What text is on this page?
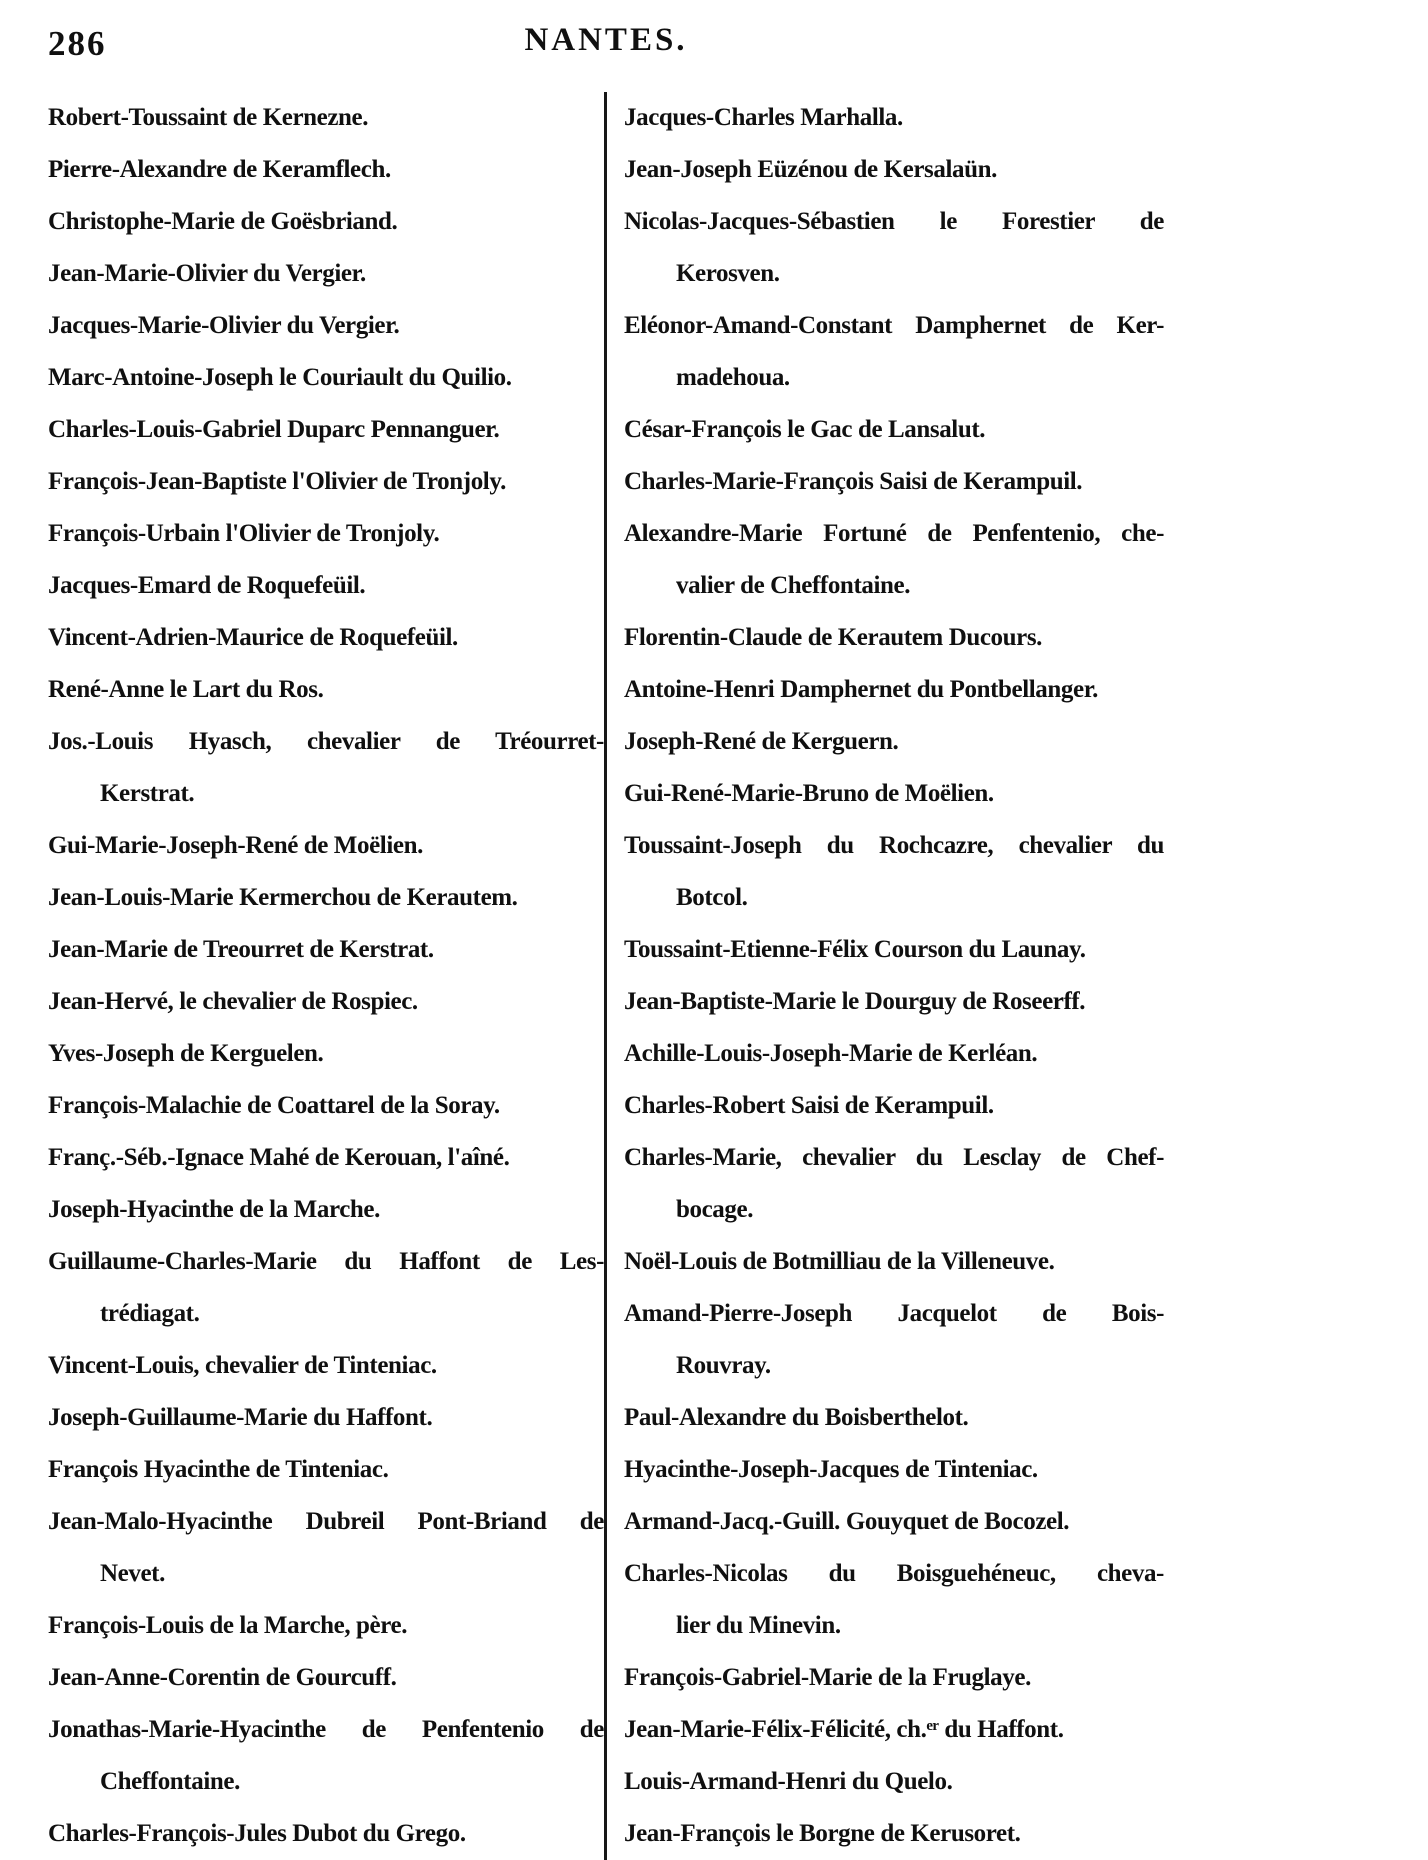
286	NANTES.
Robert-Toussaint de Kernezne.
Pierre-Alexandre de Keramflech.
Christophe-Marie de Goësbriand.
Jean-Marie-Olivier du Vergier.
Jacques-Marie-Olivier du Vergier.
Marc-Antoine-Joseph le Couriault du Quilio.
Charles-Louis-Gabriel Duparc Pennanguer.
François-Jean-Baptiste l'Olivier de Tronjoly.
François-Urbain l'Olivier de Tronjoly.
Jacques-Emard de Roquefeüil.
Vincent-Adrien-Maurice de Roquefeüil.
René-Anne le Lart du Ros.
Jos.-Louis Hyasch, chevalier de Tréourret-
Kerstrat.
Gui-Marie-Joseph-René de Moëlien.
Jean-Louis-Marie Kermerchou de Kerautem.
Jean-Marie de Treourret de Kerstrat.
Jean-Hervé, le chevalier de Rospiec.
Yves-Joseph de Kerguelen.
François-Malachie de Coattarel de la Soray.
Franç.-Séb.-Ignace Mahé de Kerouan, l'aîné.
Joseph-Hyacinthe de la Marche.
Guillaume-Charles-Marie du Haffont de Les-
trédiagat.
Vincent-Louis, chevalier de Tinteniac.
Joseph-Guillaume-Marie du Haffont.
François Hyacinthe de Tinteniac.
Jean-Malo-Hyacinthe Dubreil Pont-Briand de
Nevet.
François-Louis de la Marche, père.
Jean-Anne-Corentin de Gourcuff.
Jonathas-Marie-Hyacinthe de Penfentenio de
Cheffontaine.
Charles-François-Jules Dubot du Grego.
Jacques-Charles Marhalla.
Jean-Joseph Eüzénou de Kersalaün.
Nicolas-Jacques-Sébastien le Forestier de
Kerosven.
Eléonor-Amand-Constant Damphernet de Ker-
madehoua.
César-François le Gac de Lansalut.
Charles-Marie-François Saisi de Kerampuil.
Alexandre-Marie Fortuné de Penfentenio, che-
valier de Cheffontaine.
Florentin-Claude de Kerautem Ducours.
Antoine-Henri Damphernet du Pontbellanger.
Joseph-René de Kerguern.
Gui-René-Marie-Bruno de Moëlien.
Toussaint-Joseph du Rochcazre, chevalier du
Botcol.
Toussaint-Etienne-Félix Courson du Launay.
Jean-Baptiste-Marie le Dourguy de Roseerff.
Achille-Louis-Joseph-Marie de Kerléan.
Charles-Robert Saisi de Kerampuil.
Charles-Marie, chevalier du Lesclay de Chef-
bocage.
Noël-Louis de Botmilliau de la Villeneuve.
Amand-Pierre-Joseph Jacquelot de Bois-
Rouvray.
Paul-Alexandre du Boisberthelot.
Hyacinthe-Joseph-Jacques de Tinteniac.
Armand-Jacq.-Guill. Gouyquet de Bocozel.
Charles-Nicolas du Boisguehéneuc, cheva-
lier du Minevin.
François-Gabriel-Marie de la Fruglaye.
Jean-Marie-Félix-Félicité, ch.ᵉʳ du Haffont.
Louis-Armand-Henri du Quelo.
Jean-François le Borgne de Kerusoret.
